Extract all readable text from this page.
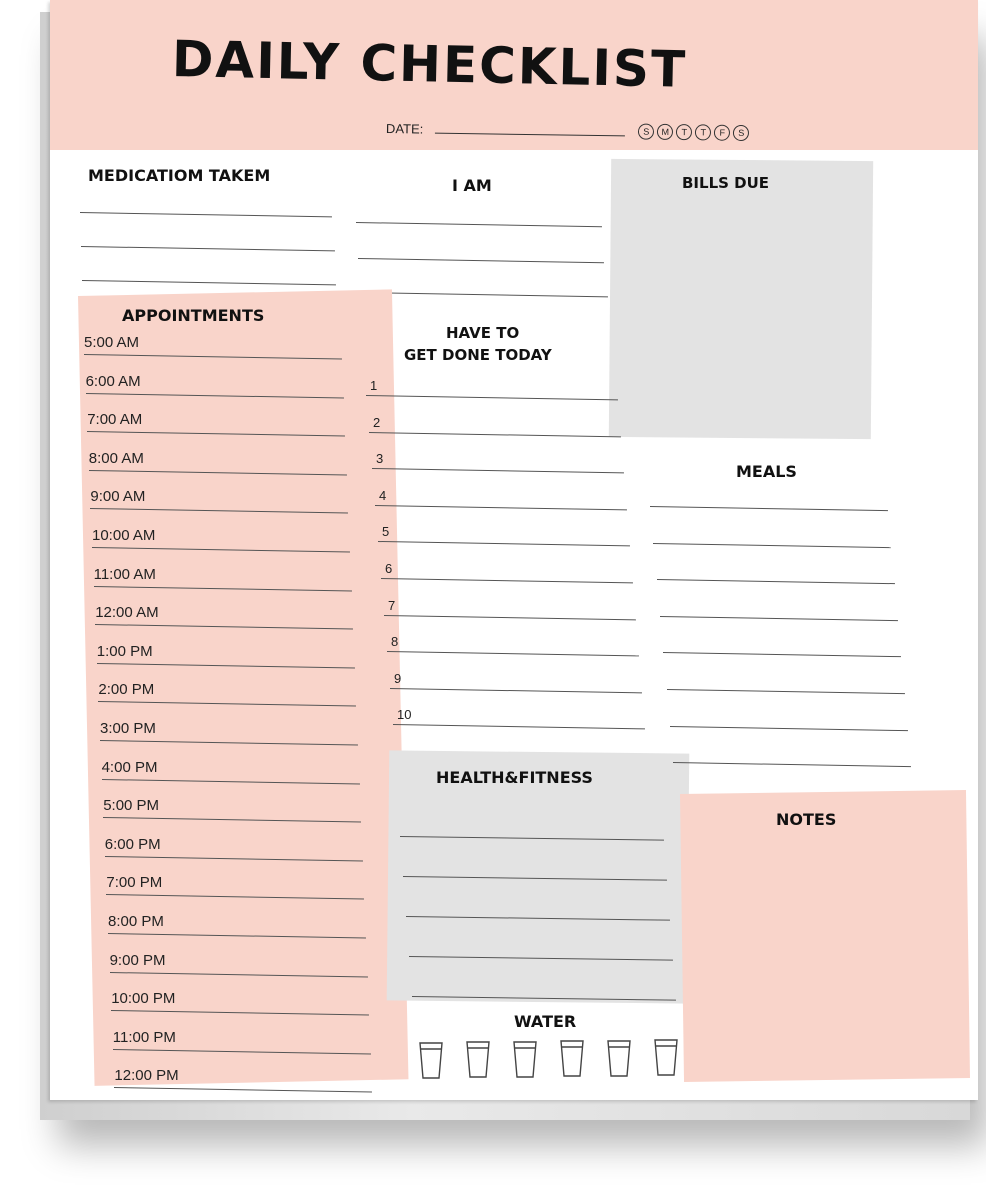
DAILY CHECKLIST
DATE:	S	M	T	T	F	S
MEDICATIOM TAKEM
I AM	BILLS DUE
APPOINTMENTS
HAVE TO
GET DONE TODAY
MEALS
HEALTH&FITNESS
NOTES
WATER
5:00 AM
6:00 AM
7:00 AM
8:00 AM
9:00 AM
10:00 AM
11:00 AM
12:00 AM
1:00 PM
2:00 PM
3:00 PM
4:00 PM
5:00 PM
6:00 PM
7:00 PM
8:00 PM
9:00 PM
10:00 PM
11:00 PM
12:00 PM
1
2
3
4
5
6
7
8
9
10
